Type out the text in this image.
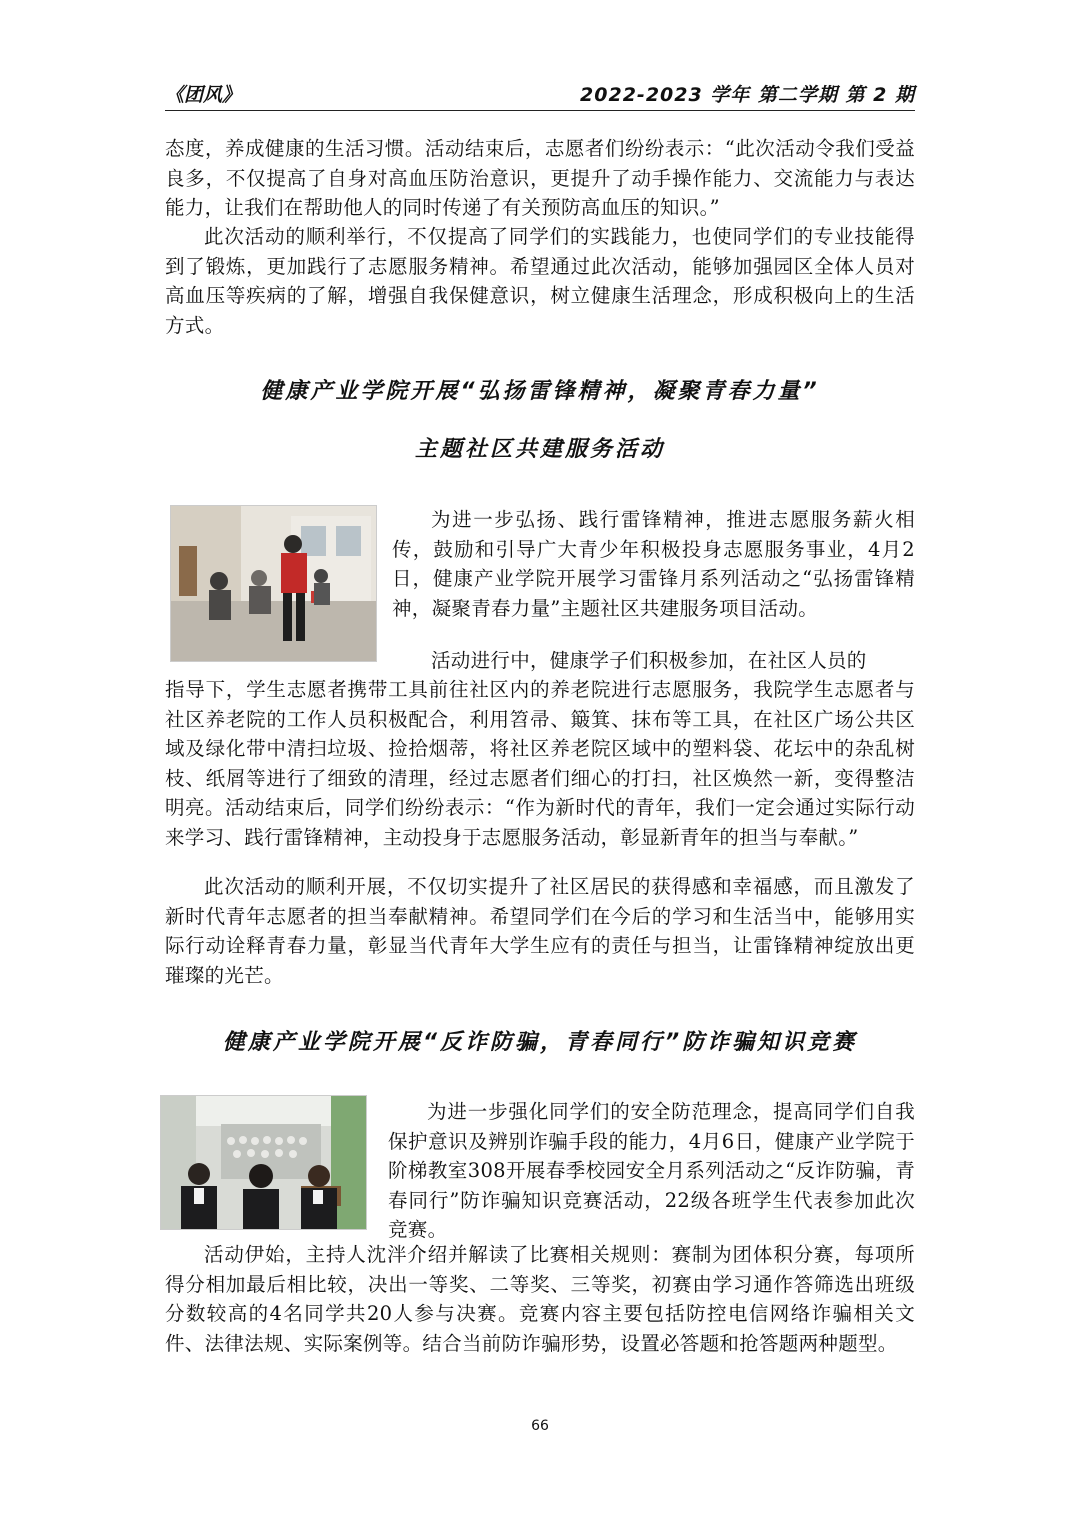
《团风》	2022-2023 学年 第二学期 第 2 期

态度，养成健康的生活习惯。活动结束后，志愿者们纷纷表示：“此次活动令我们受益良多，不仅提高了自身对高血压防治意识，更提升了动手操作能力、交流能力与表达能力，让我们在帮助他人的同时传递了有关预防高血压的知识。”

此次活动的顺利举行，不仅提高了同学们的实践能力，也使同学们的专业技能得到了锻炼，更加践行了志愿服务精神。希望通过此次活动，能够加强园区全体人员对高血压等疾病的了解，增强自我保健意识，树立健康生活理念，形成积极向上的生活方式。

健康产业学院开展“弘扬雷锋精神，凝聚青春力量”
主题社区共建服务活动

为进一步弘扬、践行雷锋精神，推进志愿服务薪火相传，鼓励和引导广大青少年积极投身志愿服务事业，4月2日，健康产业学院开展学习雷锋月系列活动之“弘扬雷锋精神，凝聚青春力量”主题社区共建服务项目活动。

活动进行中，健康学子们积极参加，在社区人员的

指导下，学生志愿者携带工具前往社区内的养老院进行志愿服务，我院学生志愿者与社区养老院的工作人员积极配合，利用笤帚、簸箕、抹布等工具，在社区广场公共区域及绿化带中清扫垃圾、捡拾烟蒂，将社区养老院区域中的塑料袋、花坛中的杂乱树枝、纸屑等进行了细致的清理，经过志愿者们细心的打扫，社区焕然一新，变得整洁明亮。活动结束后，同学们纷纷表示：“作为新时代的青年，我们一定会通过实际行动来学习、践行雷锋精神，主动投身于志愿服务活动，彰显新青年的担当与奉献。”

此次活动的顺利开展，不仅切实提升了社区居民的获得感和幸福感，而且激发了新时代青年志愿者的担当奉献精神。希望同学们在今后的学习和生活当中，能够用实际行动诠释青春力量，彰显当代青年大学生应有的责任与担当，让雷锋精神绽放出更璀璨的光芒。

健康产业学院开展“反诈防骗，青春同行”防诈骗知识竞赛

为进一步强化同学们的安全防范理念，提高同学们自我保护意识及辨别诈骗手段的能力，4月6日，健康产业学院于阶梯教室308开展春季校园安全月系列活动之“反诈防骗，青春同行”防诈骗知识竞赛活动，22级各班学生代表参加此次竞赛。

活动伊始，主持人沈泮介绍并解读了比赛相关规则：赛制为团体积分赛，每项所得分相加最后相比较，决出一等奖、二等奖、三等奖，初赛由学习通作答筛选出班级分数较高的4名同学共20人参与决赛。竞赛内容主要包括防控电信网络诈骗相关文件、法律法规、实际案例等。结合当前防诈骗形势，设置必答题和抢答题两种题型。

66
